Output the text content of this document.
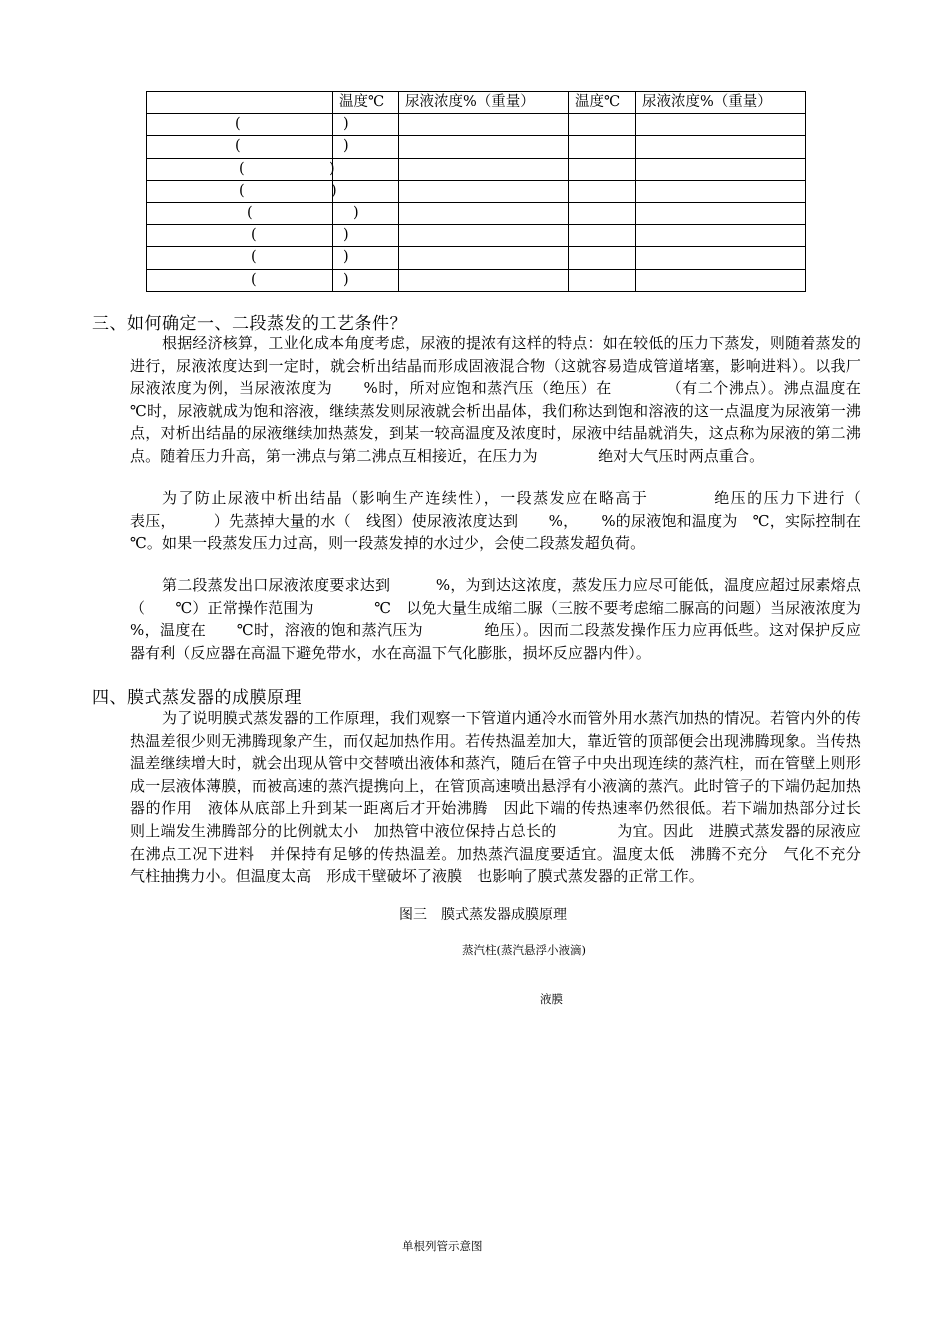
	温度℃	尿液浓度%（重量）	温度℃	尿液浓度%（重量）

( )				

( )				

( )				

( )				

( )				

( )				

( )				

( )				

三、如何确定一、二段蒸发的工艺条件？

根据经济核算，工业化成本角度考虑，尿液的提浓有这样的特点：如在较低的压力下蒸发，则随着蒸发的进行，尿液浓度达到一定时，就会析出结晶而形成固液混合物（这就容易造成管道堵塞，影响进料）。以我厂尿液浓度为例，当尿液浓度为　　%时，所对应饱和蒸汽压（绝压）在　　　　（有二个沸点）。沸点温度在　℃时，尿液就成为饱和溶液，继续蒸发则尿液就会析出晶体，我们称达到饱和溶液的这一点温度为尿液第一沸点，对析出结晶的尿液继续加热蒸发，到某一较高温度及浓度时，尿液中结晶就消失，这点称为尿液的第二沸点。随着压力升高，第一沸点与第二沸点互相接近，在压力为　　　　绝对大气压时两点重合。

为了防止尿液中析出结晶（影响生产连续性），一段蒸发应在略高于　　　　绝压的压力下进行（　　　表压，　　　）先蒸掉大量的水（　线图）使尿液浓度达到　　%，　　%的尿液饱和温度为　℃，实际控制在　　　　℃。如果一段蒸发压力过高，则一段蒸发掉的水过少，会使二段蒸发超负荷。

第二段蒸发出口尿液浓度要求达到　　　%，为到达这浓度，蒸发压力应尽可能低，温度应超过尿素熔点（　　℃）正常操作范围为　　　　℃　以免大量生成缩二脲（三胺不要考虑缩二脲高的问题）当尿液浓度为　　　%，温度在　　℃时，溶液的饱和蒸汽压为　　　　绝压）。因而二段蒸发操作压力应再低些。这对保护反应器有利（反应器在高温下避免带水，水在高温下气化膨胀，损坏反应器内件）。

四、膜式蒸发器的成膜原理

为了说明膜式蒸发器的工作原理，我们观察一下管道内通冷水而管外用水蒸汽加热的情况。若管内外的传热温差很少则无沸腾现象产生，而仅起加热作用。若传热温差加大，靠近管的顶部便会出现沸腾现象。当传热温差继续增大时，就会出现从管中交替喷出液体和蒸汽，随后在管子中央出现连续的蒸汽柱，而在管壁上则形成一层液体薄膜，而被高速的蒸汽提携向上，在管顶高速喷出悬浮有小液滴的蒸汽。此时管子的下端仍起加热器的作用　液体从底部上升到某一距离后才开始沸腾　因此下端的传热速率仍然很低。若下端加热部分过长　则上端发生沸腾部分的比例就太小　加热管中液位保持占总长的　　　　为宜。因此　进膜式蒸发器的尿液应在沸点工况下进料　并保持有足够的传热温差。加热蒸汽温度要适宜。温度太低　沸腾不充分　气化不充分　气柱抽携力小。但温度太高　形成干壁破坏了液膜　也影响了膜式蒸发器的正常工作。

图三　膜式蒸发器成膜原理
蒸汽柱(蒸汽悬浮小液滴)
液膜
单根列管示意图
